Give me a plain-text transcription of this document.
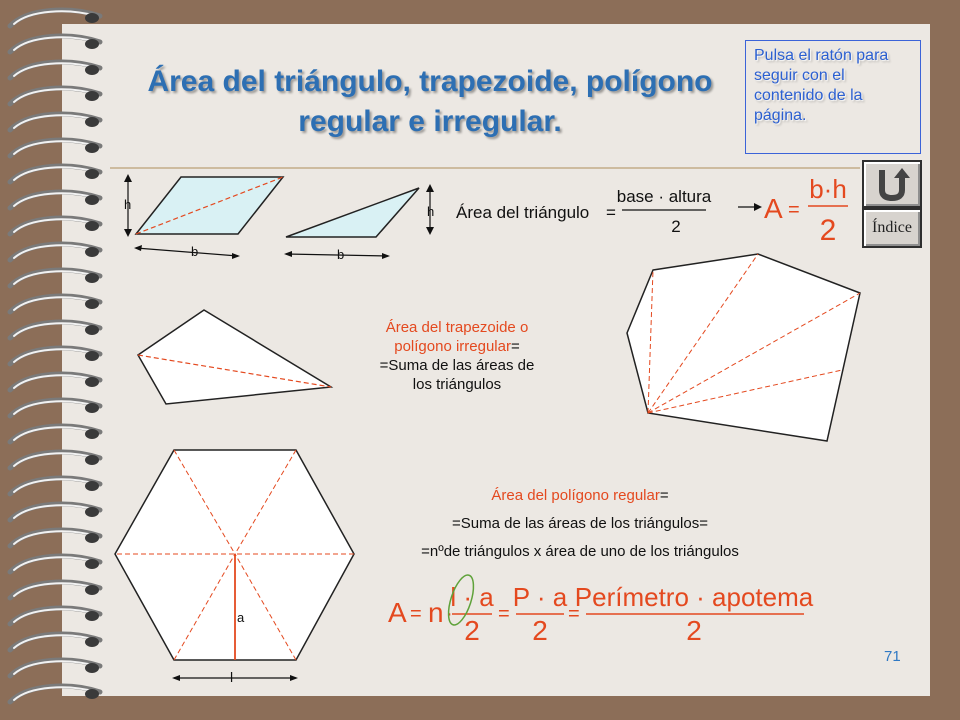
Área del triángulo, trapezoide, polígono
regular e irregular.
Pulsa el ratón para seguir con el contenido de la página.
Índice
h
b
h
b
Área del triángulo =
base · altura
2
A =
b·h
2
a
l
A = n ·
l · a
2
=
P · a
2
=
Perímetro · apotema
2
Área del trapezoide o
polígono irregular=
=Suma de las áreas de
los triángulos
Área del polígono regular=
=Suma de las áreas de los triángulos=
=nºde triángulos x área de uno de los triángulos
71
